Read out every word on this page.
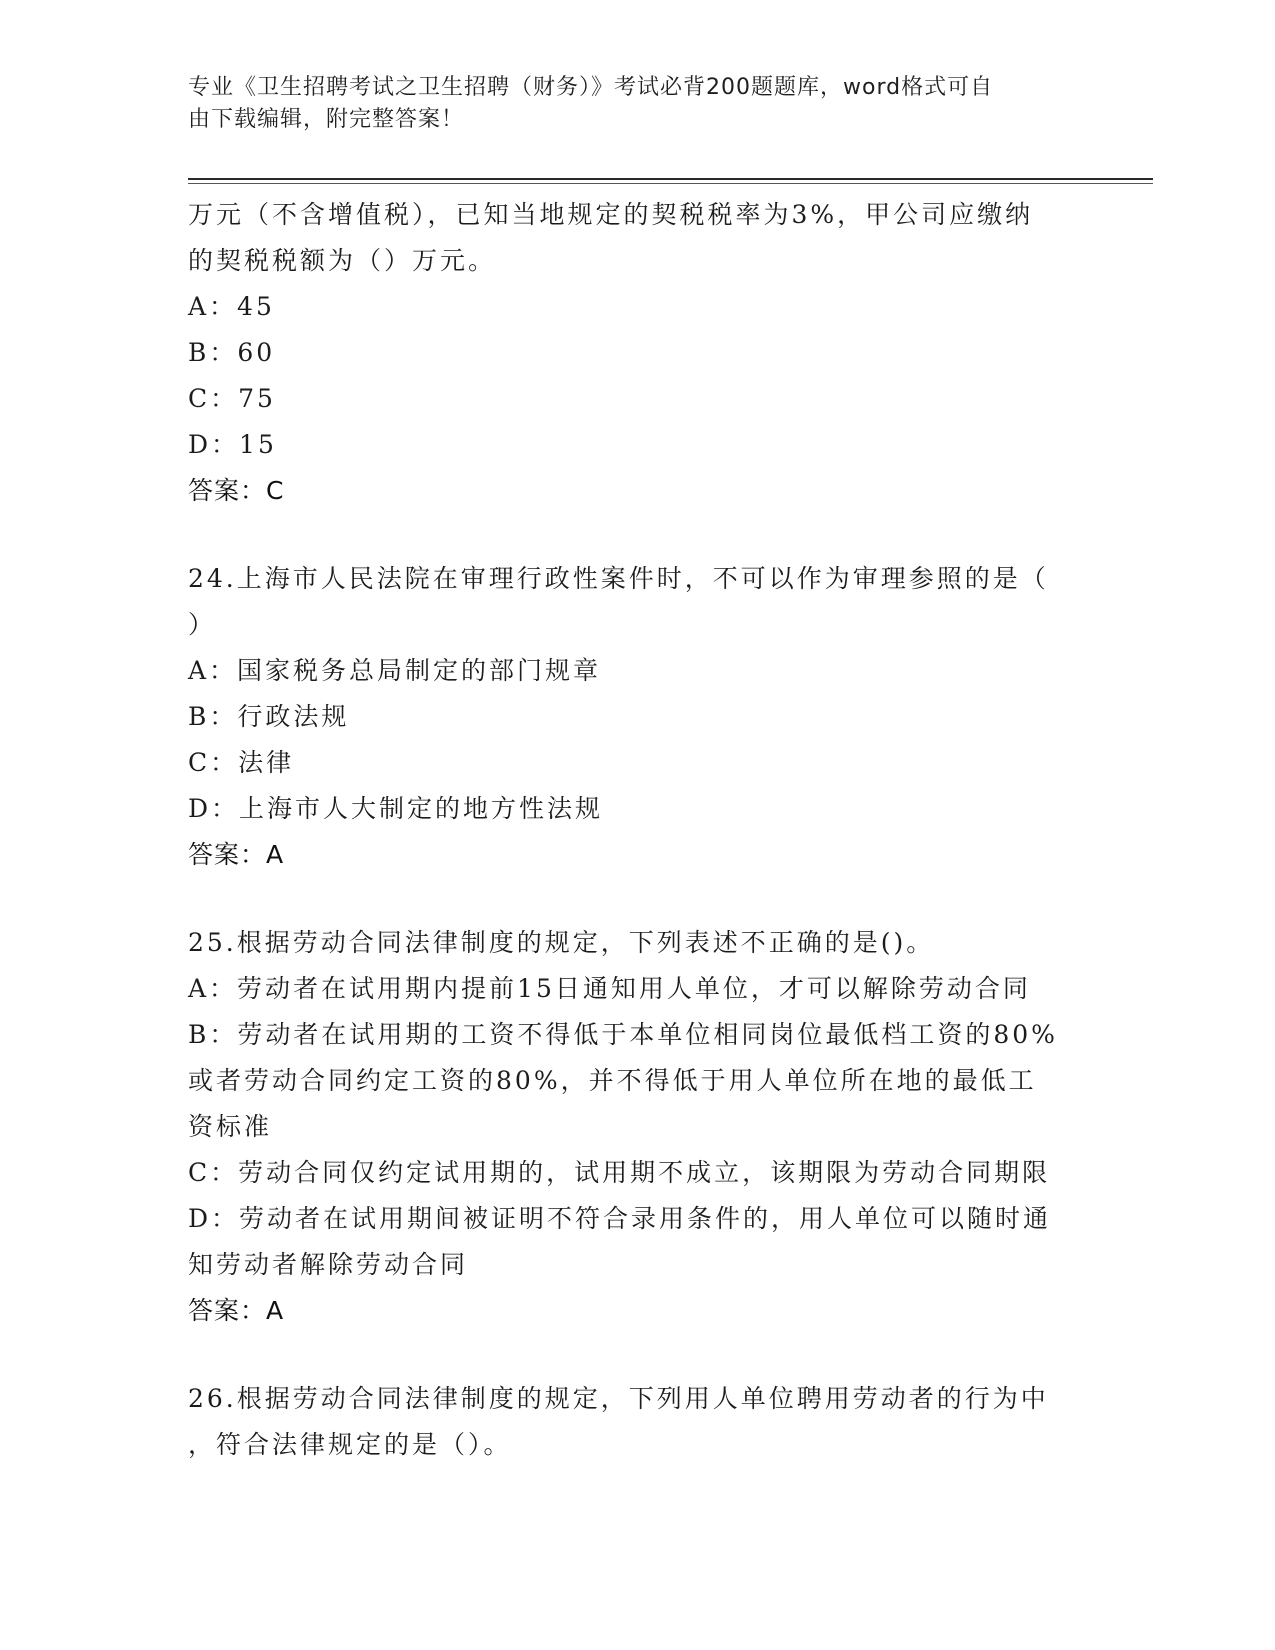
专业《卫生招聘考试之卫生招聘（财务）》考试必背200题题库，word格式可自
由下载编辑，附完整答案！
万元（不含增值税），已知当地规定的契税税率为3%，甲公司应缴纳
的契税税额为（）万元。
A：45
B：60
C：75
D：15
答案：C
24.上海市人民法院在审理行政性案件时，不可以作为审理参照的是（
）
A：国家税务总局制定的部门规章
B：行政法规
C：法律
D：上海市人大制定的地方性法规
答案：A
25.根据劳动合同法律制度的规定，下列表述不正确的是()。
A：劳动者在试用期内提前15日通知用人单位，才可以解除劳动合同
B：劳动者在试用期的工资不得低于本单位相同岗位最低档工资的80%
或者劳动合同约定工资的80%，并不得低于用人单位所在地的最低工
资标准
C：劳动合同仅约定试用期的，试用期不成立，该期限为劳动合同期限
D：劳动者在试用期间被证明不符合录用条件的，用人单位可以随时通
知劳动者解除劳动合同
答案：A
26.根据劳动合同法律制度的规定，下列用人单位聘用劳动者的行为中
，符合法律规定的是（）。
